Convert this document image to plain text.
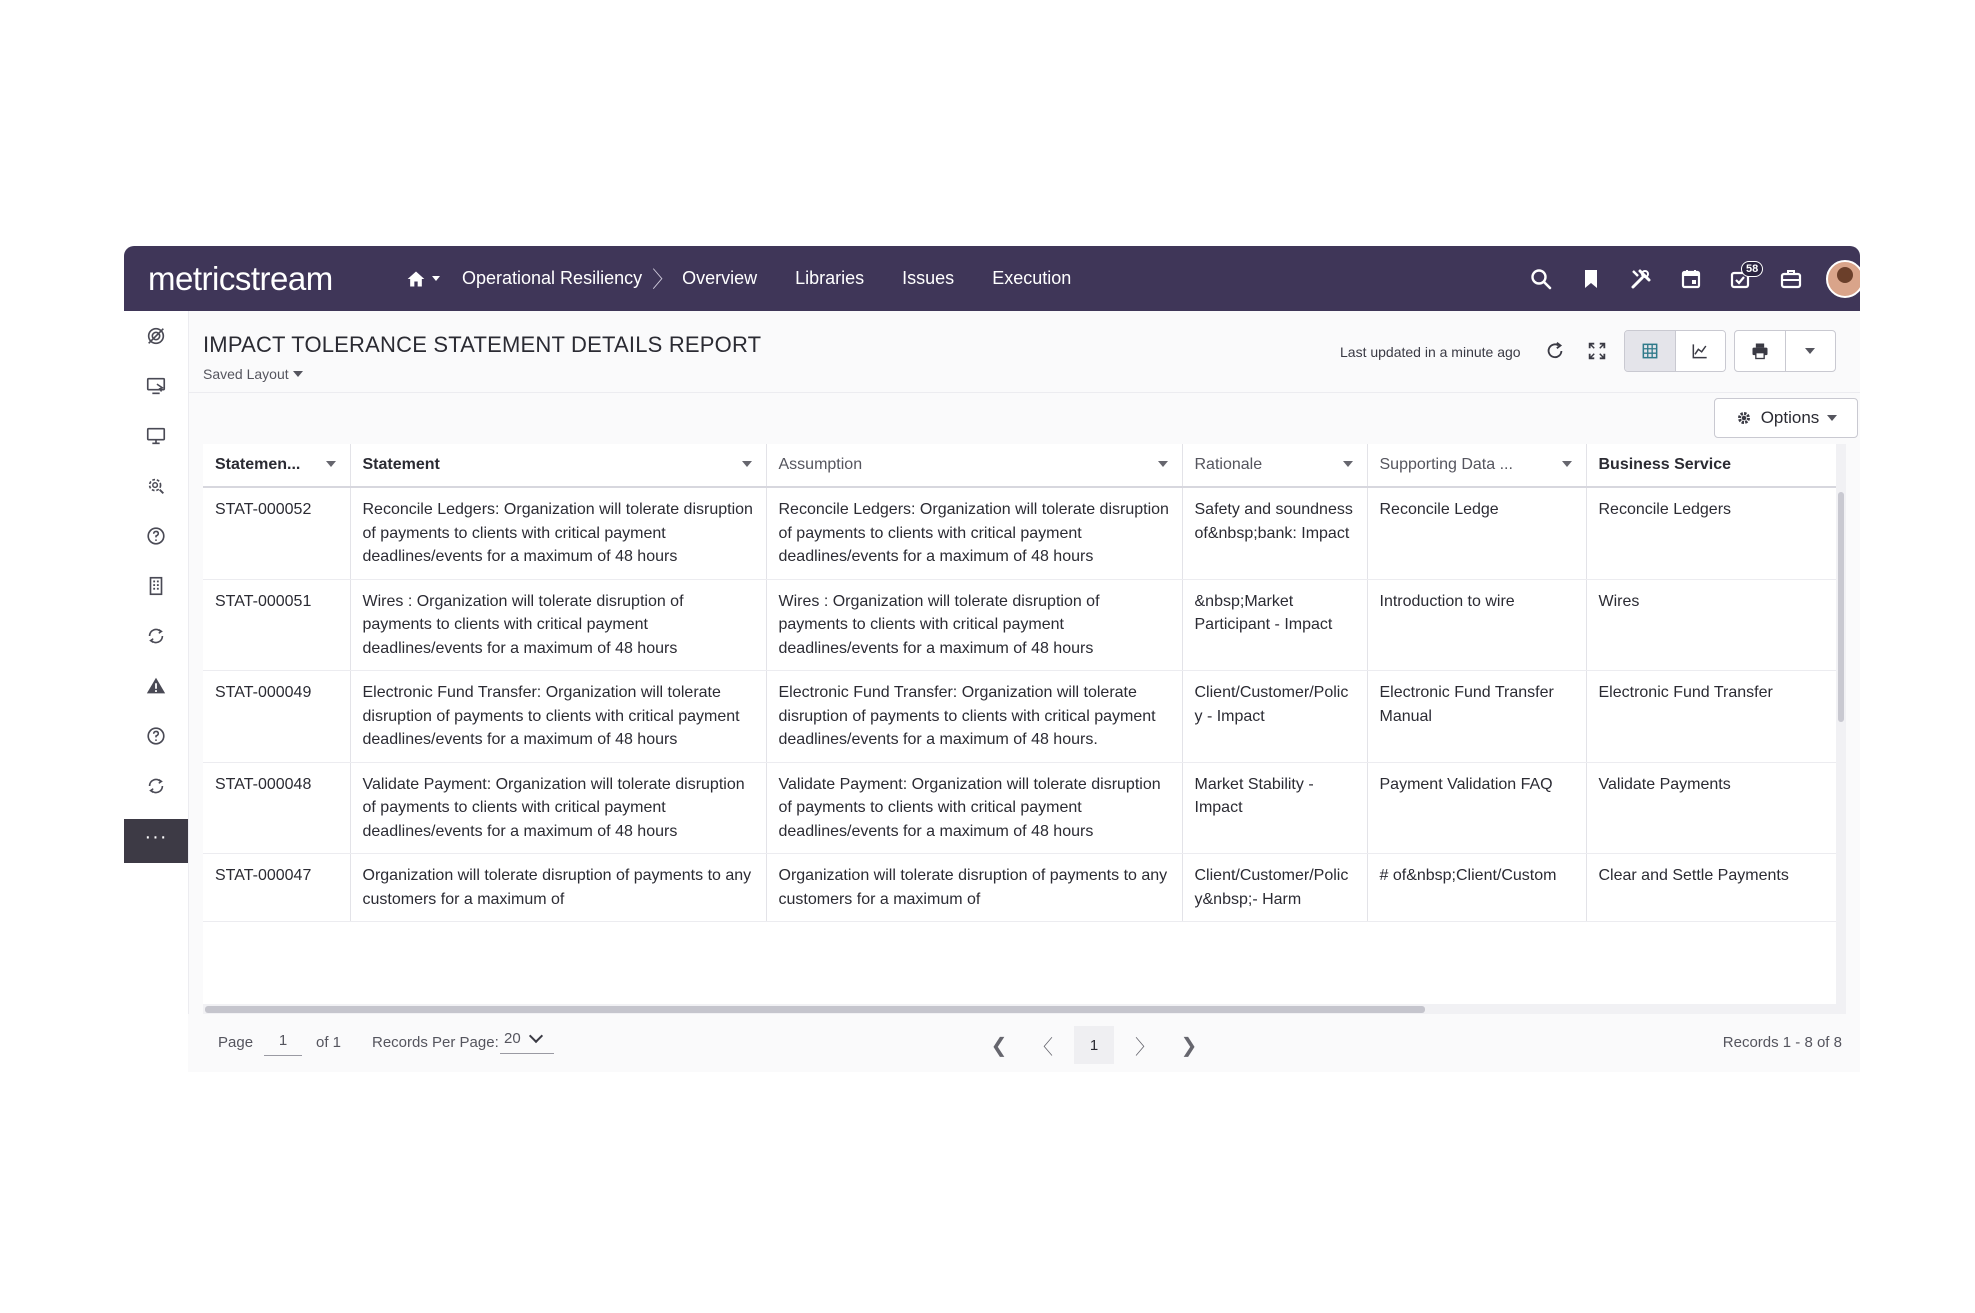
metricstream	Operational Resiliency 〉 Overview Libraries Issues Execution	58
···
IMPACT TOLERANCE STATEMENT DETAILS REPORT
Saved Layout
Last updated in a minute ago
Options
Statemen...	Statement	Assumption	Rationale	Supporting Data ...	Business Service
STAT-000052	Reconcile Ledgers: Organization will tolerate disruption of payments to clients with critical payment deadlines/events for a maximum of 48 hours	Reconcile Ledgers: Organization will tolerate disruption of payments to clients with critical payment deadlines/events for a maximum of 48 hours	Safety and soundness of&nbsp;bank: Impact	Reconcile Ledge	Reconcile Ledgers
STAT-000051	Wires : Organization will tolerate disruption of payments to clients with critical payment deadlines/events for a maximum of 48 hours	Wires : Organization will tolerate disruption of payments to clients with critical payment deadlines/events for a maximum of 48 hours	&nbsp;Market Participant - Impact	Introduction to wire	Wires
STAT-000049	Electronic Fund Transfer: Organization will tolerate disruption of payments to clients with critical payment deadlines/events for a maximum of 48 hours	Electronic Fund Transfer: Organization will tolerate disruption of payments to clients with critical payment deadlines/events for a maximum of 48 hours.	Client/Customer/Policy - Impact	Electronic Fund Transfer Manual	Electronic Fund Transfer
STAT-000048	Validate Payment: Organization will tolerate disruption of payments to clients with critical payment deadlines/events for a maximum of 48 hours	Validate Payment: Organization will tolerate disruption of payments to clients with critical payment deadlines/events for a maximum of 48 hours	Market Stability - Impact	Payment Validation FAQ	Validate Payments
STAT-000047	Organization will tolerate disruption of payments to any customers for a maximum of	Organization will tolerate disruption of payments to any customers for a maximum of	Client/Customer/Policy&nbsp;- Harm	# of&nbsp;Client/Custom	Clear and Settle Payments
Page	1	of 1 Records Per Page: 20	❮ 〈	1	〉 ❯	Records 1 - 8 of 8
